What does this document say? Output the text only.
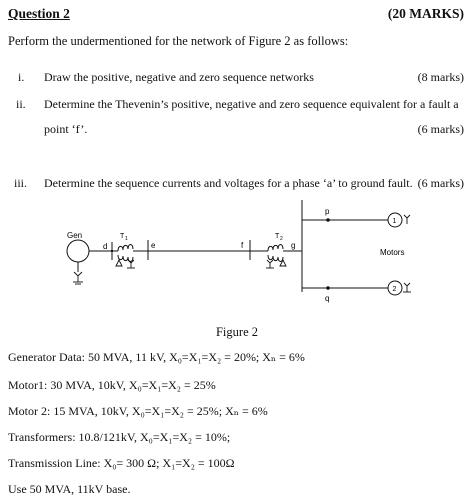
Question 2	(20 MARKS)
Perform the undermentioned for the network of Figure 2 as follows:
i. Draw the positive, negative and zero sequence networks	(8 marks)
ii. Determine the Thevenin’s positive, negative and zero sequence equivalent for a fault a
point ‘f’.	(6 marks)
iii. Determine the sequence currents and voltages for a phase ‘a’ to ground fault. (6 marks)
Gen
d	e	f	g
p
q
T 1	T 2
Motors
1
2
Figure 2
Generator Data: 50 MVA, 11 kV, X₀=X₁=X₂ = 20%; Xₙ = 6%
Motor1: 30 MVA, 10kV, X₀=X₁=X₂ = 25%
Motor 2: 15 MVA, 10kV, X₀=X₁=X₂ = 25%; Xₙ = 6%
Transformers: 10.8/121kV, X₀=X₁=X₂ = 10%;
Transmission Line: X₀= 300 Ω; X₁=X₂ = 100Ω
Use 50 MVA, 11kV base.
